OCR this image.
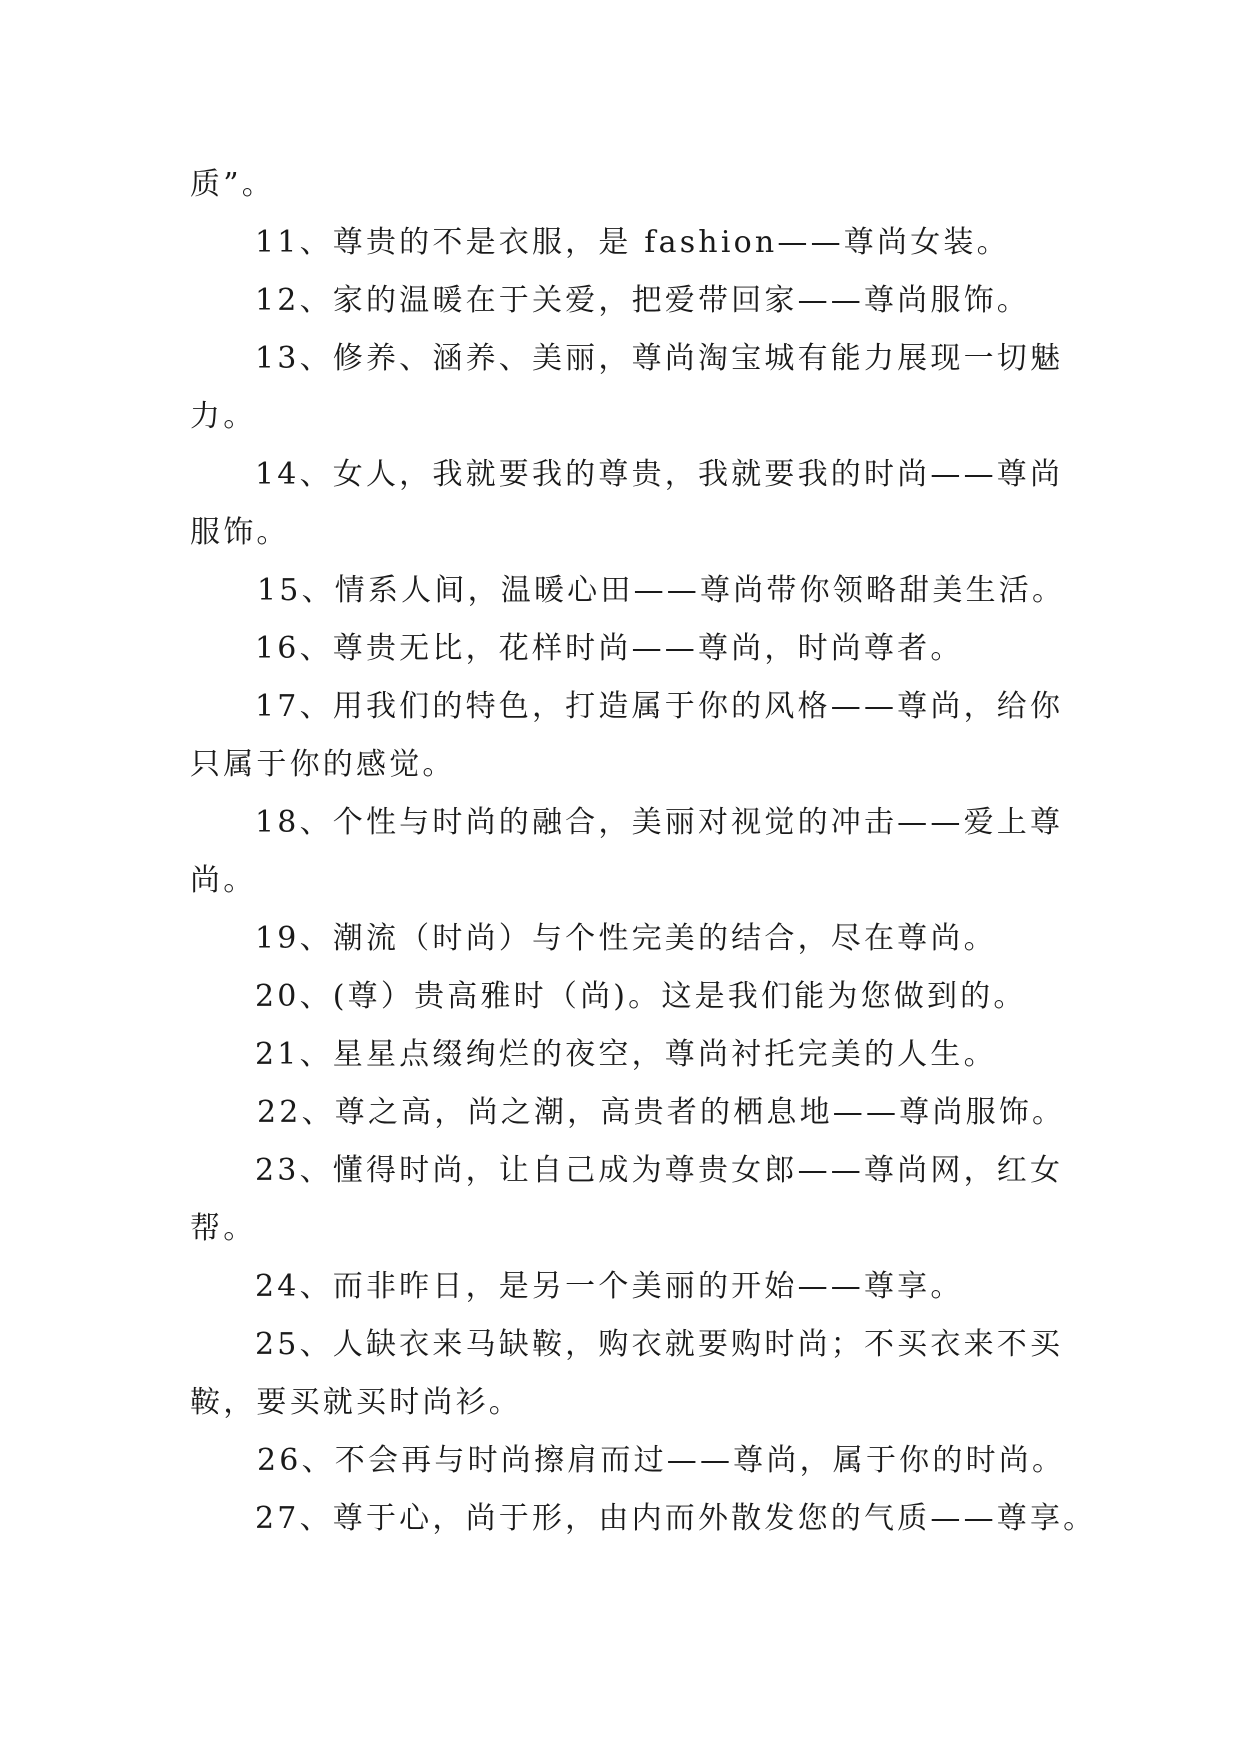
质”。
11、尊贵的不是衣服，是 fashion——尊尚女装。
12、家的温暖在于关爱，把爱带回家——尊尚服饰。
13、修养、涵养、美丽，尊尚淘宝城有能力展现一切魅
力。
14、女人，我就要我的尊贵，我就要我的时尚——尊尚
服饰。
15、情系人间，温暖心田——尊尚带你领略甜美生活。
16、尊贵无比，花样时尚——尊尚，时尚尊者。
17、用我们的特色，打造属于你的风格——尊尚，给你
只属于你的感觉。
18、个性与时尚的融合，美丽对视觉的冲击——爱上尊
尚。
19、潮流（时尚）与个性完美的结合，尽在尊尚。
20、(尊）贵高雅时（尚)。这是我们能为您做到的。
21、星星点缀绚烂的夜空，尊尚衬托完美的人生。
22、尊之高，尚之潮，高贵者的栖息地——尊尚服饰。
23、懂得时尚，让自己成为尊贵女郎——尊尚网，红女
帮。
24、而非昨日，是另一个美丽的开始——尊享。
25、人缺衣来马缺鞍，购衣就要购时尚；不买衣来不买
鞍，要买就买时尚衫。
26、不会再与时尚擦肩而过——尊尚，属于你的时尚。
27、尊于心，尚于形，由内而外散发您的气质——尊享。
